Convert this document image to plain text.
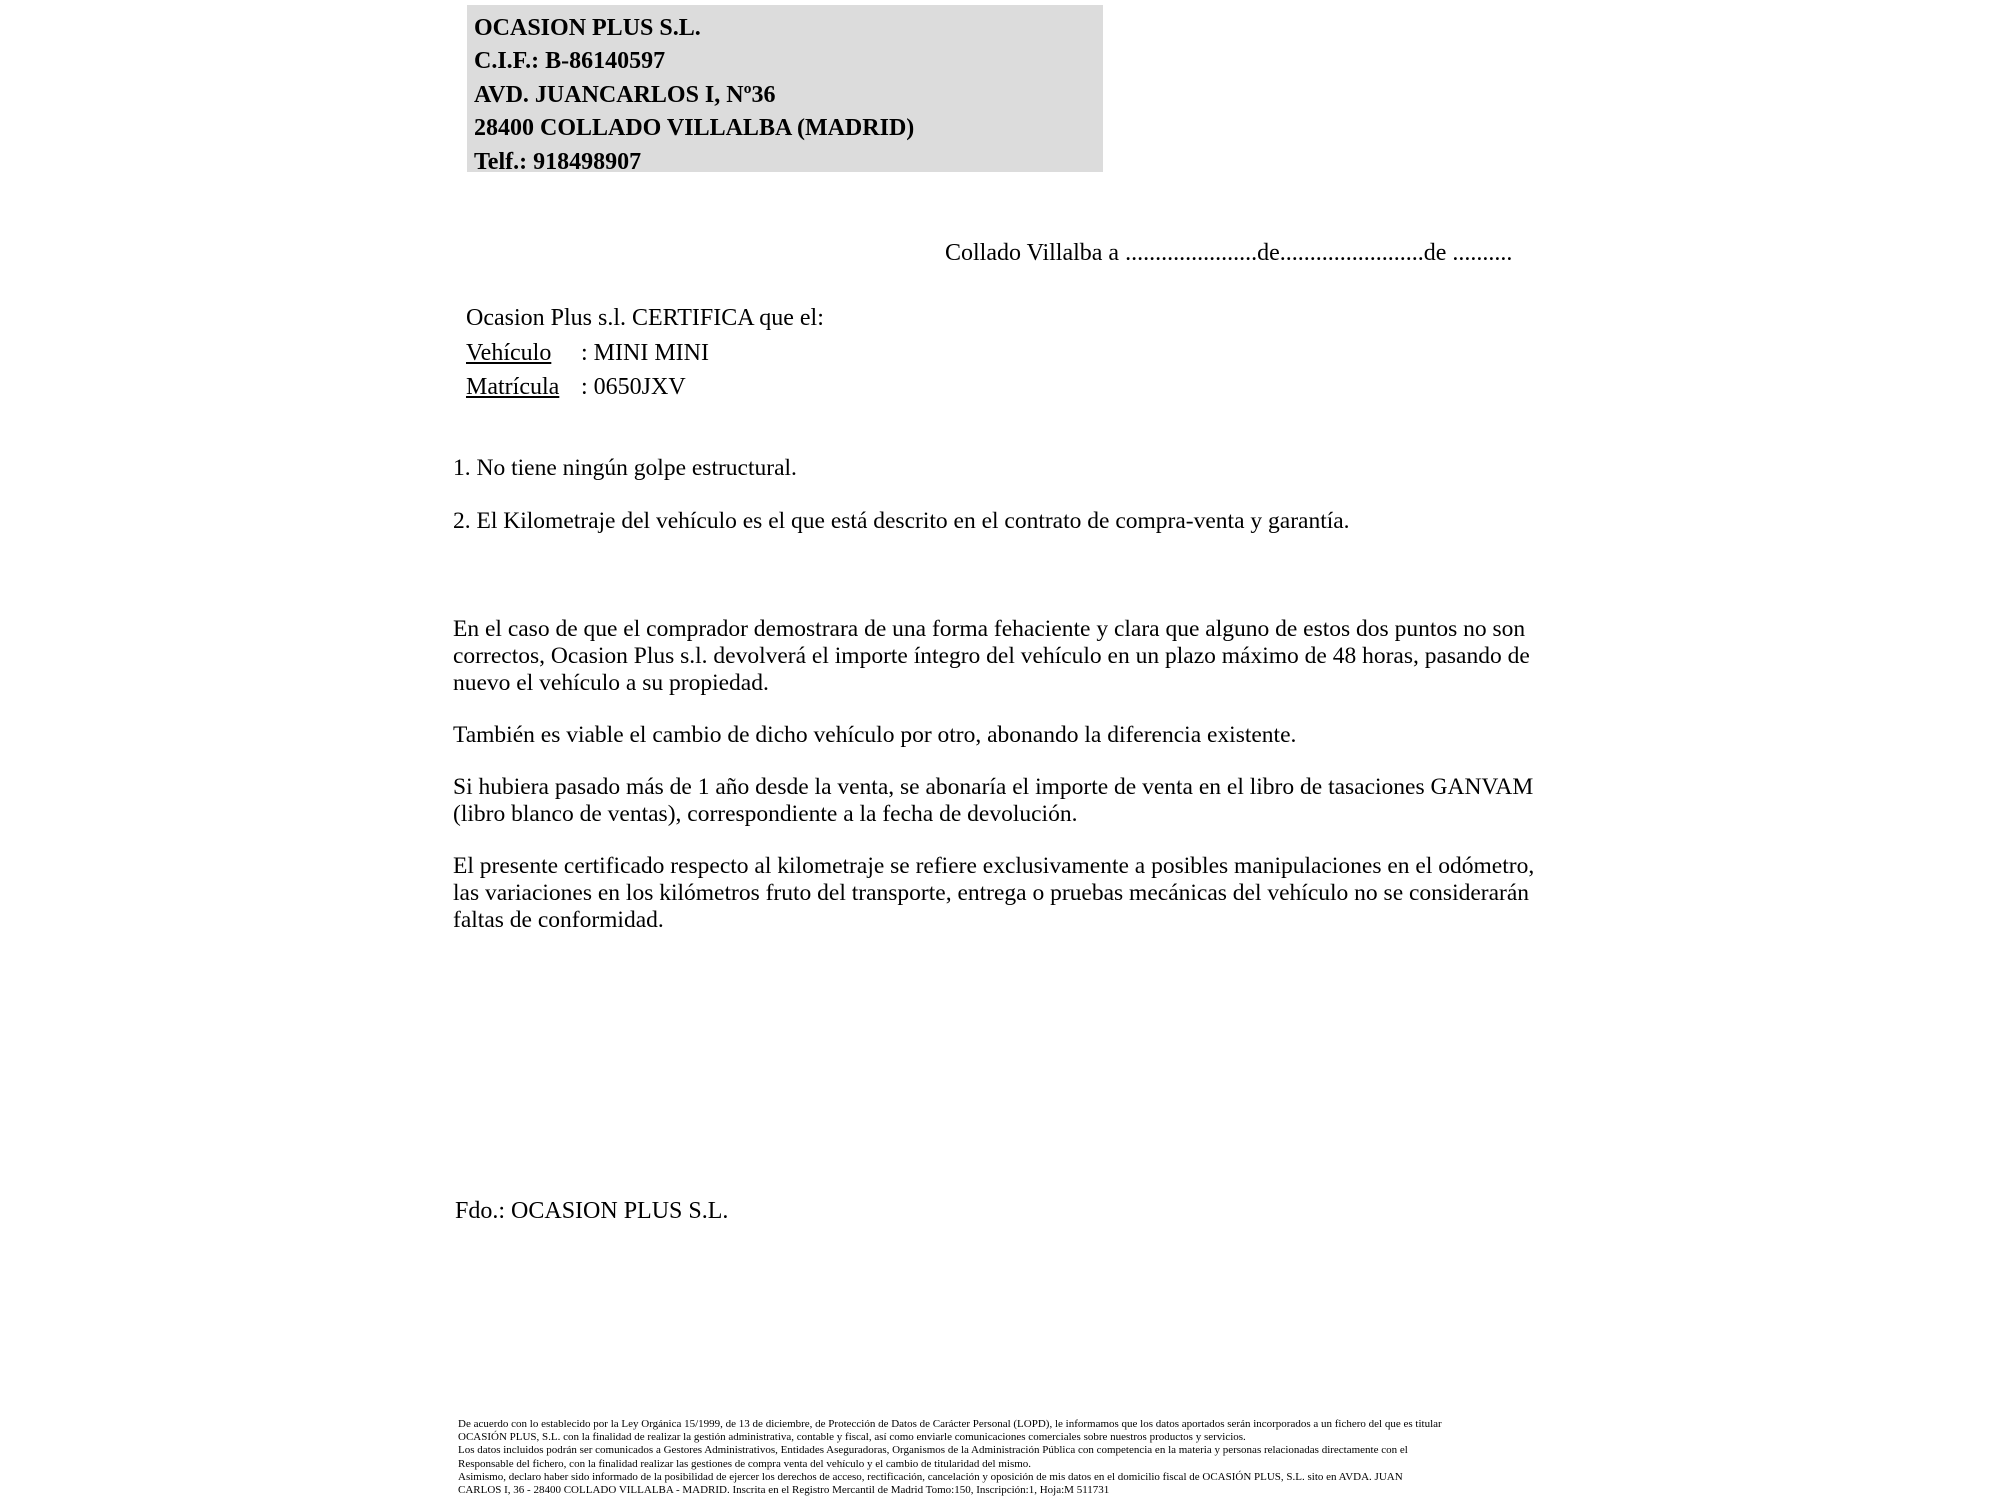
OCASION PLUS S.L.
C.I.F.: B-86140597
AVD. JUANCARLOS I, Nº36
28400 COLLADO VILLALBA (MADRID)
Telf.: 918498907
Collado Villalba a ......................de........................de ..........
Ocasion Plus s.l. CERTIFICA que el:
Vehículo : MINI MINI
Matrícula : 0650JXV

1. No tiene ningún golpe estructural.

2. El Kilometraje del vehículo es el que está descrito en el contrato de compra-venta y garantía.

En el caso de que el comprador demostrara de una forma fehaciente y clara que alguno de estos dos puntos no son correctos, Ocasion Plus s.l. devolverá el importe íntegro del vehículo en un plazo máximo de 48 horas, pasando de nuevo el vehículo a su propiedad.

También es viable el cambio de dicho vehículo por otro, abonando la diferencia existente.

Si hubiera pasado más de 1 año desde la venta, se abonaría el importe de venta en el libro de tasaciones GANVAM (libro blanco de ventas), correspondiente a la fecha de devolución.

El presente certificado respecto al kilometraje se refiere exclusivamente a posibles manipulaciones en el odómetro, las variaciones en los kilómetros fruto del transporte, entrega o pruebas mecánicas del vehículo no se considerarán faltas de conformidad.

Fdo.: OCASION PLUS S.L.
De acuerdo con lo establecido por la Ley Orgánica 15/1999, de 13 de diciembre, de Protección de Datos de Carácter Personal (LOPD), le informamos que los datos aportados serán incorporados a un fichero del que es titular
OCASIÓN PLUS, S.L. con la finalidad de realizar la gestión administrativa, contable y fiscal, así como enviarle comunicaciones comerciales sobre nuestros productos y servicios.
Los datos incluidos podrán ser comunicados a Gestores Administrativos, Entidades Aseguradoras, Organismos de la Administración Pública con competencia en la materia y personas relacionadas directamente con el
Responsable del fichero, con la finalidad realizar las gestiones de compra venta del vehículo y el cambio de titularidad del mismo.
Asimismo, declaro haber sido informado de la posibilidad de ejercer los derechos de acceso, rectificación, cancelación y oposición de mis datos en el domicilio fiscal de OCASIÓN PLUS, S.L. sito en AVDA. JUAN
CARLOS I, 36 - 28400 COLLADO VILLALBA - MADRID. Inscrita en el Registro Mercantil de Madrid Tomo:150, Inscripción:1, Hoja:M 511731
